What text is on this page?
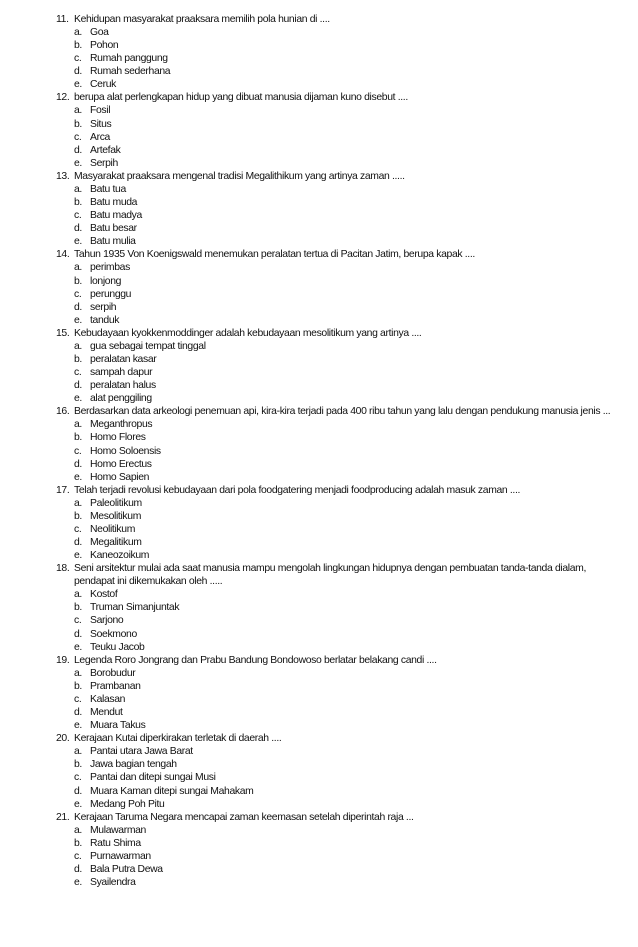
11. Kehidupan masyarakat praaksara memilih pola hunian di ....
a. Goa
b. Pohon
c. Rumah panggung
d. Rumah sederhana
e. Ceruk
12. berupa alat perlengkapan hidup yang dibuat manusia dijaman kuno disebut ....
a. Fosil
b. Situs
c. Arca
d. Artefak
e. Serpih
13. Masyarakat praaksara mengenal tradisi Megalithikum yang artinya zaman .....
a. Batu tua
b. Batu muda
c. Batu madya
d. Batu besar
e. Batu mulia
14. Tahun 1935 Von Koenigswald menemukan peralatan tertua di Pacitan Jatim, berupa kapak ....
a. perimbas
b. lonjong
c. perunggu
d. serpih
e. tanduk
15. Kebudayaan kyokkenmoddinger adalah kebudayaan mesolitikum yang artinya ....
a. gua sebagai tempat tinggal
b. peralatan kasar
c. sampah dapur
d. peralatan halus
e. alat penggiling
16. Berdasarkan data arkeologi penemuan api, kira-kira terjadi pada 400 ribu tahun yang lalu dengan pendukung manusia jenis ...
a. Meganthropus
b. Homo Flores
c. Homo Soloensis
d. Homo Erectus
e. Homo Sapien
17. Telah terjadi revolusi kebudayaan dari pola foodgatering menjadi foodproducing adalah masuk zaman ....
a. Paleolitikum
b. Mesolitikum
c. Neolitikum
d. Megalitikum
e. Kaneozoikum
18. Seni arsitektur mulai ada saat manusia mampu mengolah lingkungan hidupnya dengan pembuatan tanda-tanda dialam, pendapat ini dikemukakan oleh .....
a. Kostof
b. Truman Simanjuntak
c. Sarjono
d. Soekmono
e. Teuku Jacob
19. Legenda Roro Jongrang dan Prabu Bandung Bondowoso berlatar belakang candi ....
a. Borobudur
b. Prambanan
c. Kalasan
d. Mendut
e. Muara Takus
20. Kerajaan Kutai diperkirakan terletak di daerah ....
a. Pantai utara Jawa Barat
b. Jawa bagian tengah
c. Pantai dan ditepi sungai Musi
d. Muara Kaman ditepi sungai Mahakam
e. Medang Poh Pitu
21. Kerajaan Taruma Negara mencapai zaman keemasan setelah diperintah raja ...
a. Mulawarman
b. Ratu Shima
c. Purnawarman
d. Bala Putra Dewa
e. Syailendra
